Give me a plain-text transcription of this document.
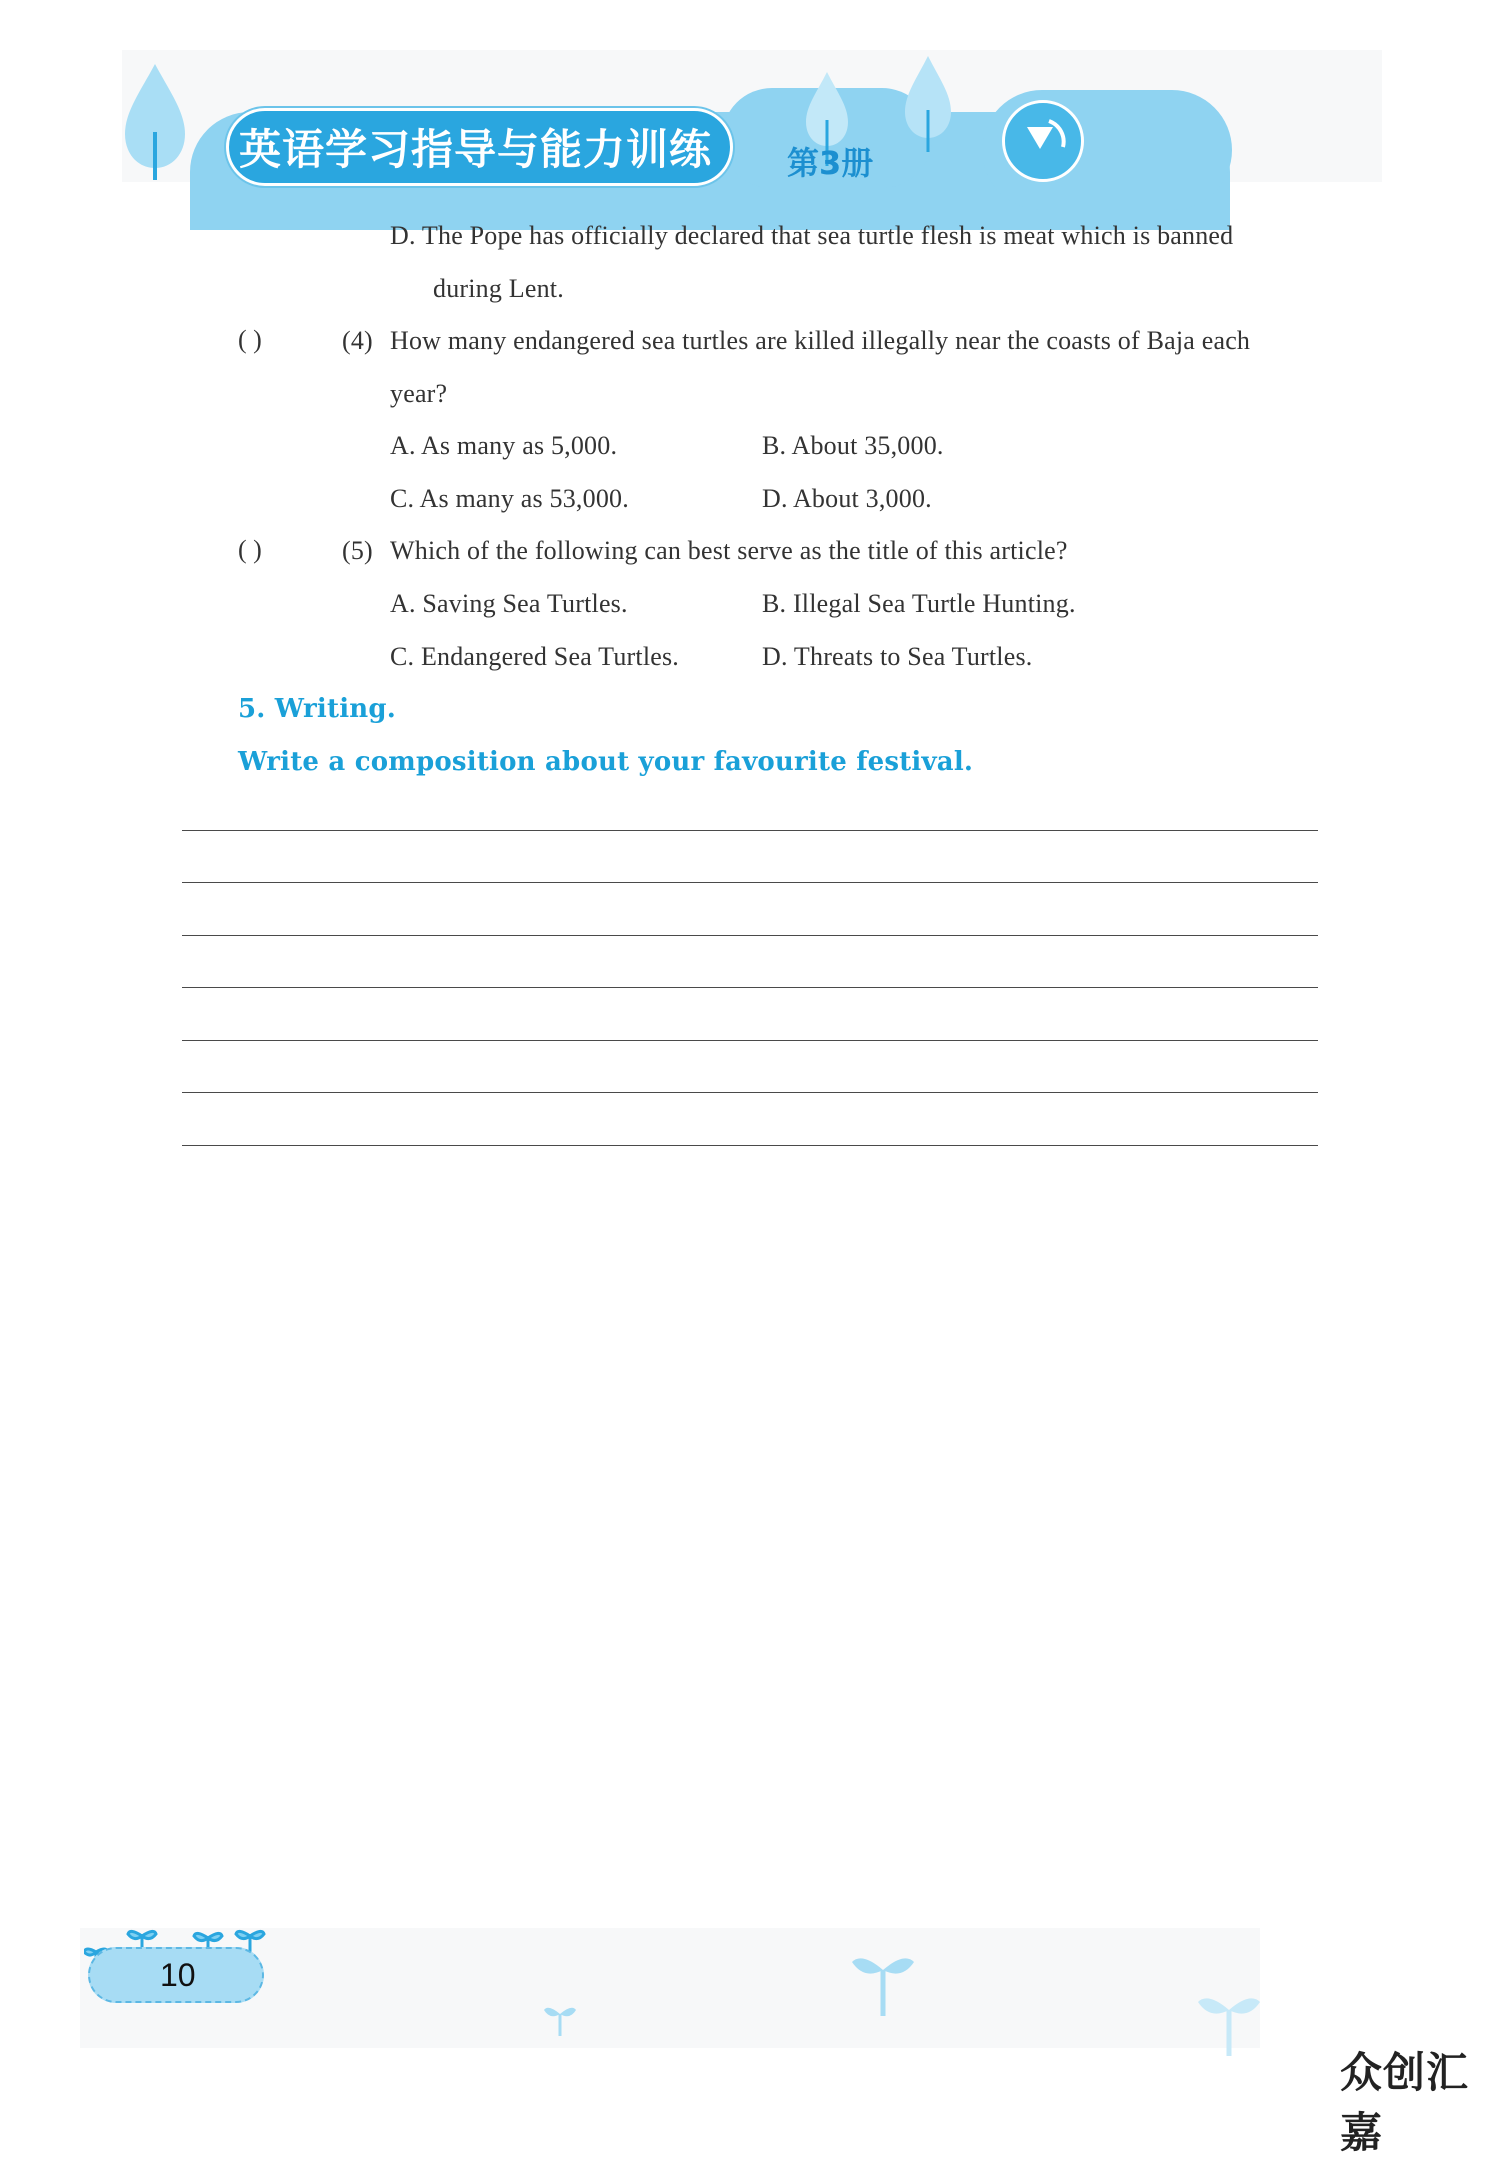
英语学习指导与能力训练 第3册
D. The Pope has officially declared that sea turtle flesh is meat which is banned
during Lent.
( )	(4) How many endangered sea turtles are killed illegally near the coasts of Baja each
year?
A. As many as 5,000.	B. About 35,000.
C. As many as 53,000.	D. About 3,000.
( )	(5) Which of the following can best serve as the title of this article?
A. Saving Sea Turtles.	B. Illegal Sea Turtle Hunting.
C. Endangered Sea Turtles.	D. Threats to Sea Turtles.
5. Writing.
Write a composition about your favourite festival.
10
众创汇嘉
